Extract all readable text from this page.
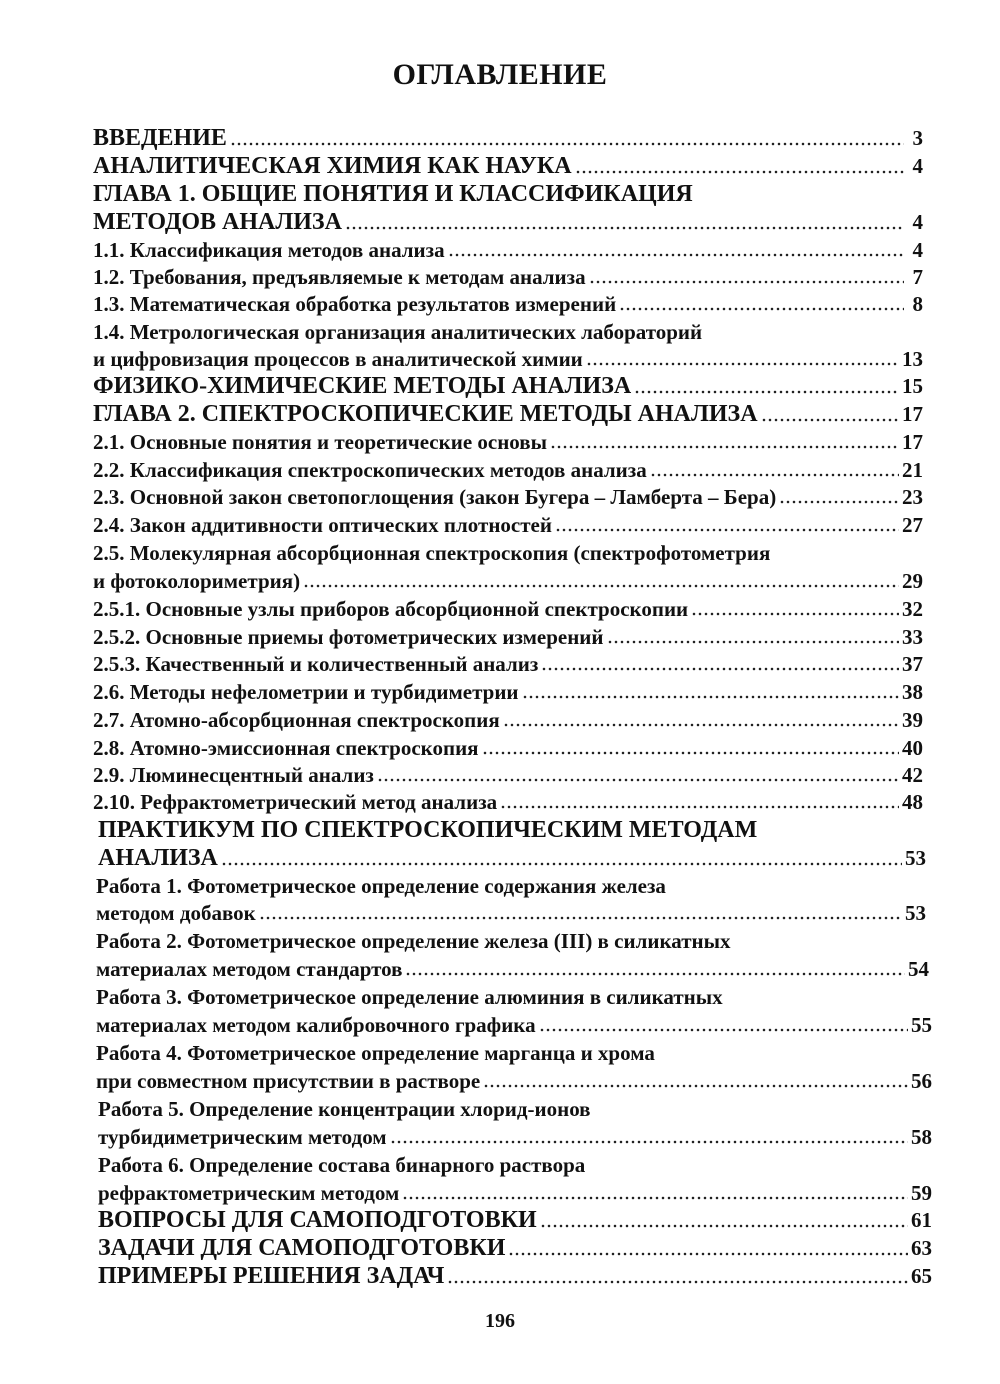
ОГЛАВЛЕНИЕ
ВВЕДЕНИЕ	3
АНАЛИТИЧЕСКАЯ ХИМИЯ КАК НАУКА	4
ГЛАВА 1. ОБЩИЕ ПОНЯТИЯ И КЛАССИФИКАЦИЯ
МЕТОДОВ АНАЛИЗА	4
1.1. Классификация методов анализа	4
1.2. Требования, предъявляемые к методам анализа	7
1.3. Математическая обработка результатов измерений	8
1.4. Метрологическая организация аналитических лабораторий
и цифровизация процессов в аналитической химии	13
ФИЗИКО-ХИМИЧЕСКИЕ МЕТОДЫ АНАЛИЗА	15
ГЛАВА 2. СПЕКТРОСКОПИЧЕСКИЕ МЕТОДЫ АНАЛИЗА	17
2.1. Основные понятия и теоретические основы	17
2.2. Классификация спектроскопических методов анализа	21
2.3. Основной закон светопоглощения (закон Бугера – Ламберта – Бера)	23
2.4. Закон аддитивности оптических плотностей	27
2.5. Молекулярная абсорбционная спектроскопия (спектрофотометрия
и фотоколориметрия)	29
2.5.1. Основные узлы приборов абсорбционной спектроскопии	32
2.5.2. Основные приемы фотометрических измерений	33
2.5.3. Качественный и количественный анализ	37
2.6. Методы нефелометрии и турбидиметрии	38
2.7. Атомно-абсорбционная спектроскопия	39
2.8. Атомно-эмиссионная спектроскопия	40
2.9. Люминесцентный анализ	42
2.10. Рефрактометрический метод анализа	48
ПРАКТИКУМ ПО СПЕКТРОСКОПИЧЕСКИМ МЕТОДАМ
АНАЛИЗА	53
Работа 1. Фотометрическое определение содержания железа
методом добавок	53
Работа 2. Фотометрическое определение железа (III) в силикатных
материалах методом стандартов	54
Работа 3. Фотометрическое определение алюминия в силикатных
материалах методом калибровочного графика	55
Работа 4. Фотометрическое определение марганца и хрома
при совместном присутствии в растворе	56
Работа 5. Определение концентрации хлорид-ионов
турбидиметрическим методом	58
Работа 6. Определение состава бинарного раствора
рефрактометрическим методом	59
ВОПРОСЫ ДЛЯ САМОПОДГОТОВКИ	61
ЗАДАЧИ ДЛЯ САМОПОДГОТОВКИ	63
ПРИМЕРЫ РЕШЕНИЯ ЗАДАЧ	65
196
